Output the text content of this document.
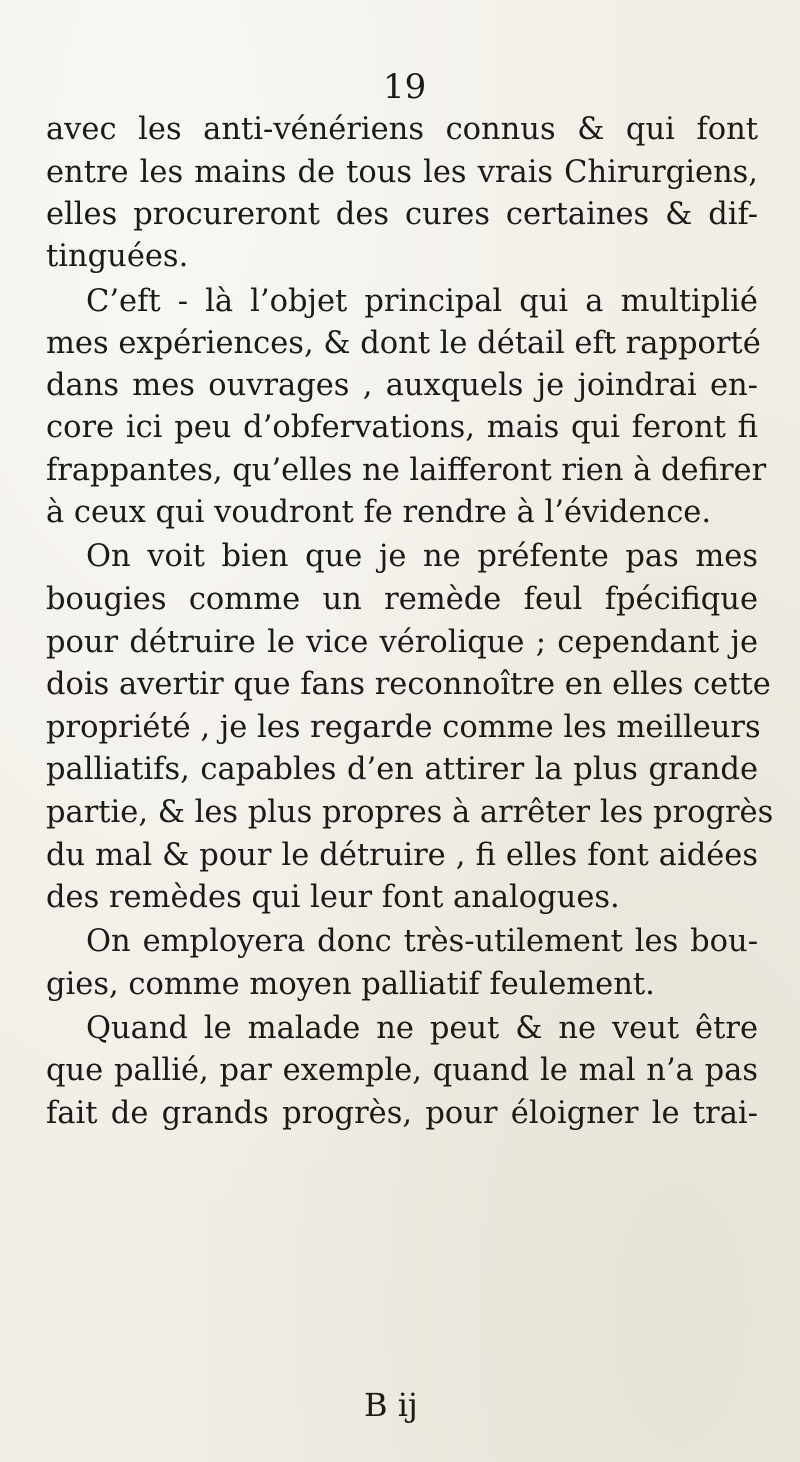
19
avec les anti-vénériens connus & qui font
entre les mains de tous les vrais Chirurgiens,
elles procureront des cures certaines & dif-
tinguées.
C’eft - là l’objet principal qui a multiplié
mes expériences, & dont le détail eft rapporté
dans mes ouvrages , auxquels je joindrai en-
core ici peu d’obfervations, mais qui feront fi
frappantes, qu’elles ne laifferont rien à defirer
à ceux qui voudront fe rendre à l’évidence.
On voit bien que je ne préfente pas mes
bougies comme un remède feul fpécifique
pour détruire le vice vérolique ; cependant je
dois avertir que fans reconnoître en elles cette
propriété , je les regarde comme les meilleurs
palliatifs, capables d’en attirer la plus grande
partie, & les plus propres à arrêter les progrès
du mal & pour le détruire , fi elles font aidées
des remèdes qui leur font analogues.
On employera donc très-utilement les bou-
gies, comme moyen palliatif feulement.
Quand le malade ne peut & ne veut être
que pallié, par exemple, quand le mal n’a pas
fait de grands progrès, pour éloigner le trai-
B ij
